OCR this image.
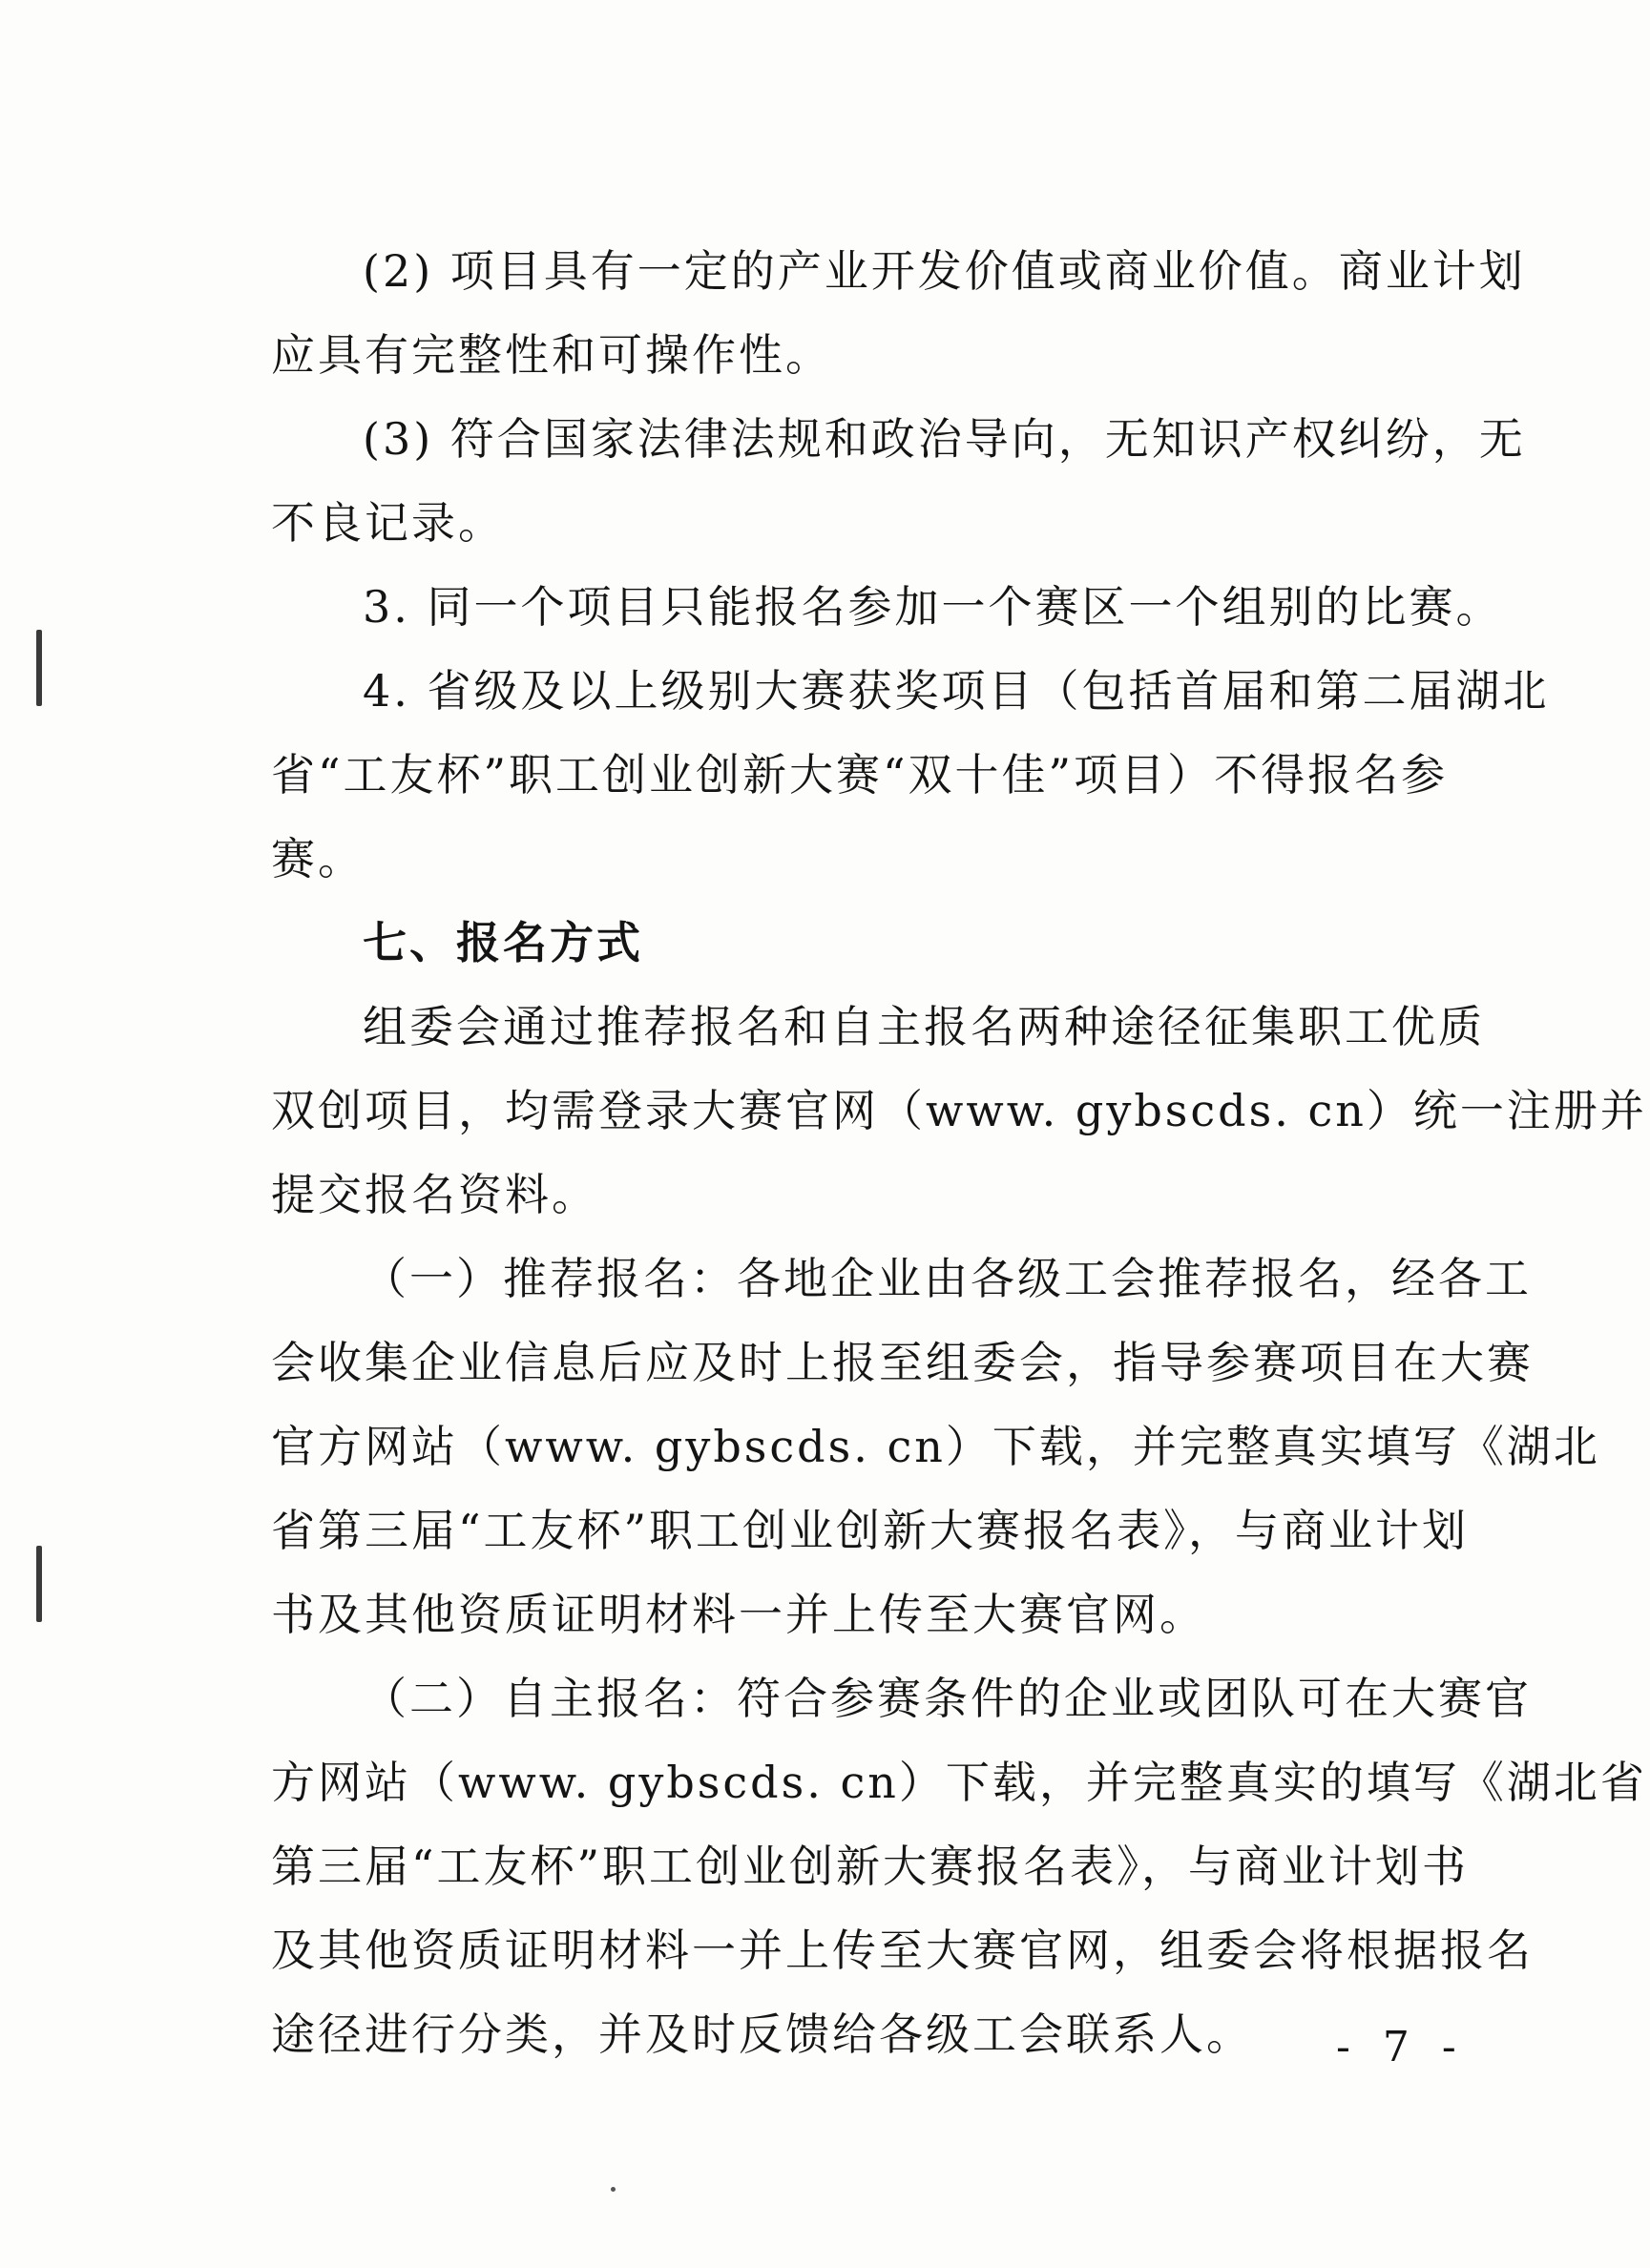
(2) 项目具有一定的产业开发价值或商业价值。商业计划
应具有完整性和可操作性。
(3) 符合国家法律法规和政治导向，无知识产权纠纷，无
不良记录。
3. 同一个项目只能报名参加一个赛区一个组别的比赛。
4. 省级及以上级别大赛获奖项目（包括首届和第二届湖北
省“工友杯”职工创业创新大赛“双十佳”项目）不得报名参
赛。
七、报名方式
组委会通过推荐报名和自主报名两种途径征集职工优质
双创项目，均需登录大赛官网（www. gybscds. cn）统一注册并
提交报名资料。
（一）推荐报名：各地企业由各级工会推荐报名，经各工
会收集企业信息后应及时上报至组委会，指导参赛项目在大赛
官方网站（www. gybscds. cn）下载，并完整真实填写《湖北
省第三届“工友杯”职工创业创新大赛报名表》，与商业计划
书及其他资质证明材料一并上传至大赛官网。
（二）自主报名：符合参赛条件的企业或团队可在大赛官
方网站（www. gybscds. cn）下载，并完整真实的填写《湖北省
第三届“工友杯”职工创业创新大赛报名表》，与商业计划书
及其他资质证明材料一并上传至大赛官网，组委会将根据报名
途径进行分类，并及时反馈给各级工会联系人。	- 7 -
